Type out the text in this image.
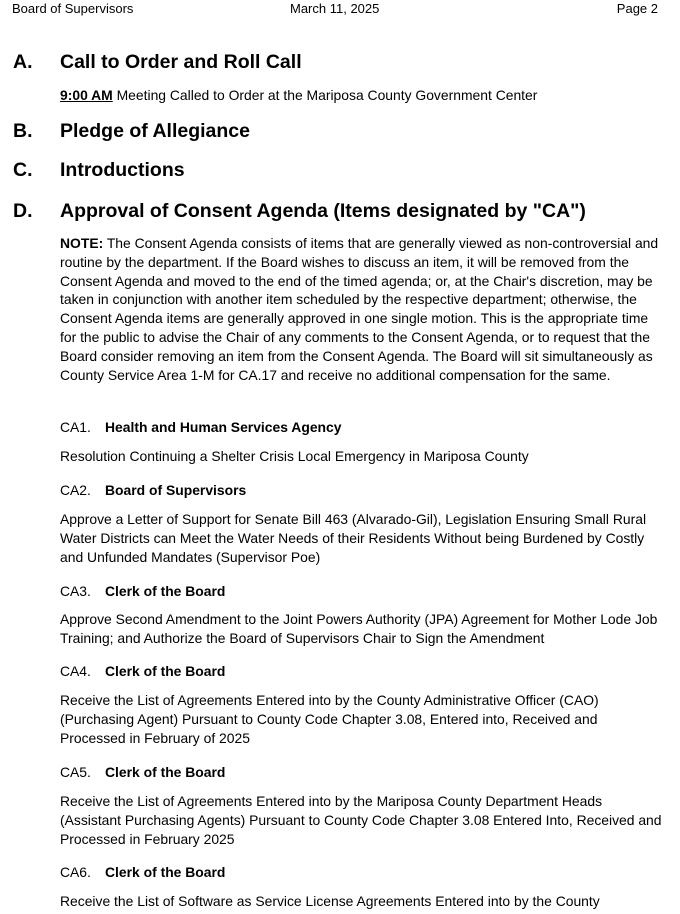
Board of Supervisors	March 11, 2025	Page 2
A. Call to Order and Roll Call
9:00 AM Meeting Called to Order at the Mariposa County Government Center
B. Pledge of Allegiance
C. Introductions
D. Approval of Consent Agenda (Items designated by "CA")
NOTE: The Consent Agenda consists of items that are generally viewed as non-controversial and routine by the department. If the Board wishes to discuss an item, it will be removed from the Consent Agenda and moved to the end of the timed agenda; or, at the Chair's discretion, may be taken in conjunction with another item scheduled by the respective department; otherwise, the Consent Agenda items are generally approved in one single motion. This is the appropriate time for the public to advise the Chair of any comments to the Consent Agenda, or to request that the Board consider removing an item from the Consent Agenda. The Board will sit simultaneously as County Service Area 1-M for CA.17 and receive no additional compensation for the same.
CA1. Health and Human Services Agency
Resolution Continuing a Shelter Crisis Local Emergency in Mariposa County
CA2. Board of Supervisors
Approve a Letter of Support for Senate Bill 463 (Alvarado-Gil), Legislation Ensuring Small Rural Water Districts can Meet the Water Needs of their Residents Without being Burdened by Costly and Unfunded Mandates (Supervisor Poe)
CA3. Clerk of the Board
Approve Second Amendment to the Joint Powers Authority (JPA) Agreement for Mother Lode Job Training; and Authorize the Board of Supervisors Chair to Sign the Amendment
CA4. Clerk of the Board
Receive the List of Agreements Entered into by the County Administrative Officer (CAO) (Purchasing Agent) Pursuant to County Code Chapter 3.08, Entered into, Received and Processed in February of 2025
CA5. Clerk of the Board
Receive the List of Agreements Entered into by the Mariposa County Department Heads (Assistant Purchasing Agents) Pursuant to County Code Chapter 3.08 Entered Into, Received and Processed in February 2025
CA6. Clerk of the Board
Receive the List of Software as Service License Agreements Entered into by the County
